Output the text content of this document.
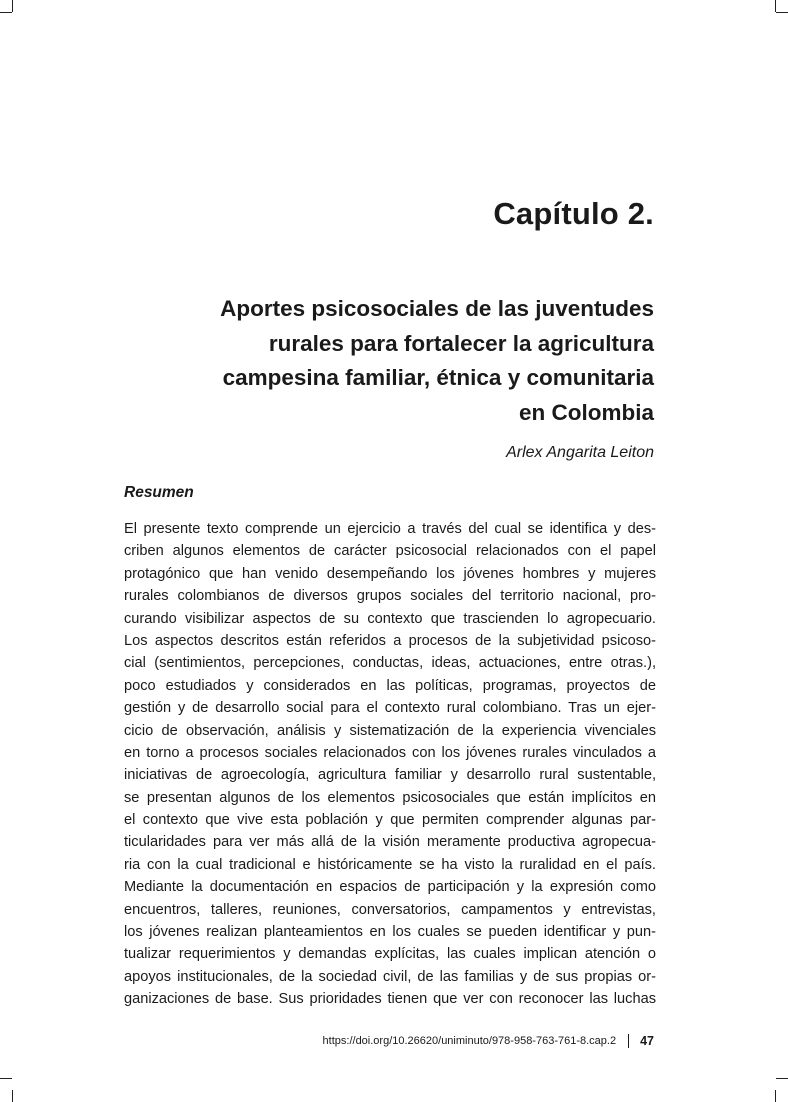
Capítulo 2.
Aportes psicosociales de las juventudes
rurales para fortalecer la agricultura
campesina familiar, étnica y comunitaria
en Colombia
Arlex Angarita Leiton
Resumen
El presente texto comprende un ejercicio a través del cual se identifica y des-
criben algunos elementos de carácter psicosocial relacionados con el papel
protagónico que han venido desempeñando los jóvenes hombres y mujeres
rurales colombianos de diversos grupos sociales del territorio nacional, pro-
curando visibilizar aspectos de su contexto que trascienden lo agropecuario.
Los aspectos descritos están referidos a procesos de la subjetividad psicoso-
cial (sentimientos, percepciones, conductas, ideas, actuaciones, entre otras.),
poco estudiados y considerados en las políticas, programas, proyectos de
gestión y de desarrollo social para el contexto rural colombiano. Tras un ejer-
cicio de observación, análisis y sistematización de la experiencia vivenciales
en torno a procesos sociales relacionados con los jóvenes rurales vinculados a
iniciativas de agroecología, agricultura familiar y desarrollo rural sustentable,
se presentan algunos de los elementos psicosociales que están implícitos en
el contexto que vive esta población y que permiten comprender algunas par-
ticularidades para ver más allá de la visión meramente productiva agropecua-
ria con la cual tradicional e históricamente se ha visto la ruralidad en el país.
Mediante la documentación en espacios de participación y la expresión como
encuentros, talleres, reuniones, conversatorios, campamentos y entrevistas,
los jóvenes realizan planteamientos en los cuales se pueden identificar y pun-
tualizar requerimientos y demandas explícitas, las cuales implican atención o
apoyos institucionales, de la sociedad civil, de las familias y de sus propias or-
ganizaciones de base. Sus prioridades tienen que ver con reconocer las luchas
https://doi.org/10.26620/uniminuto/978-958-763-761-8.cap.2 47
